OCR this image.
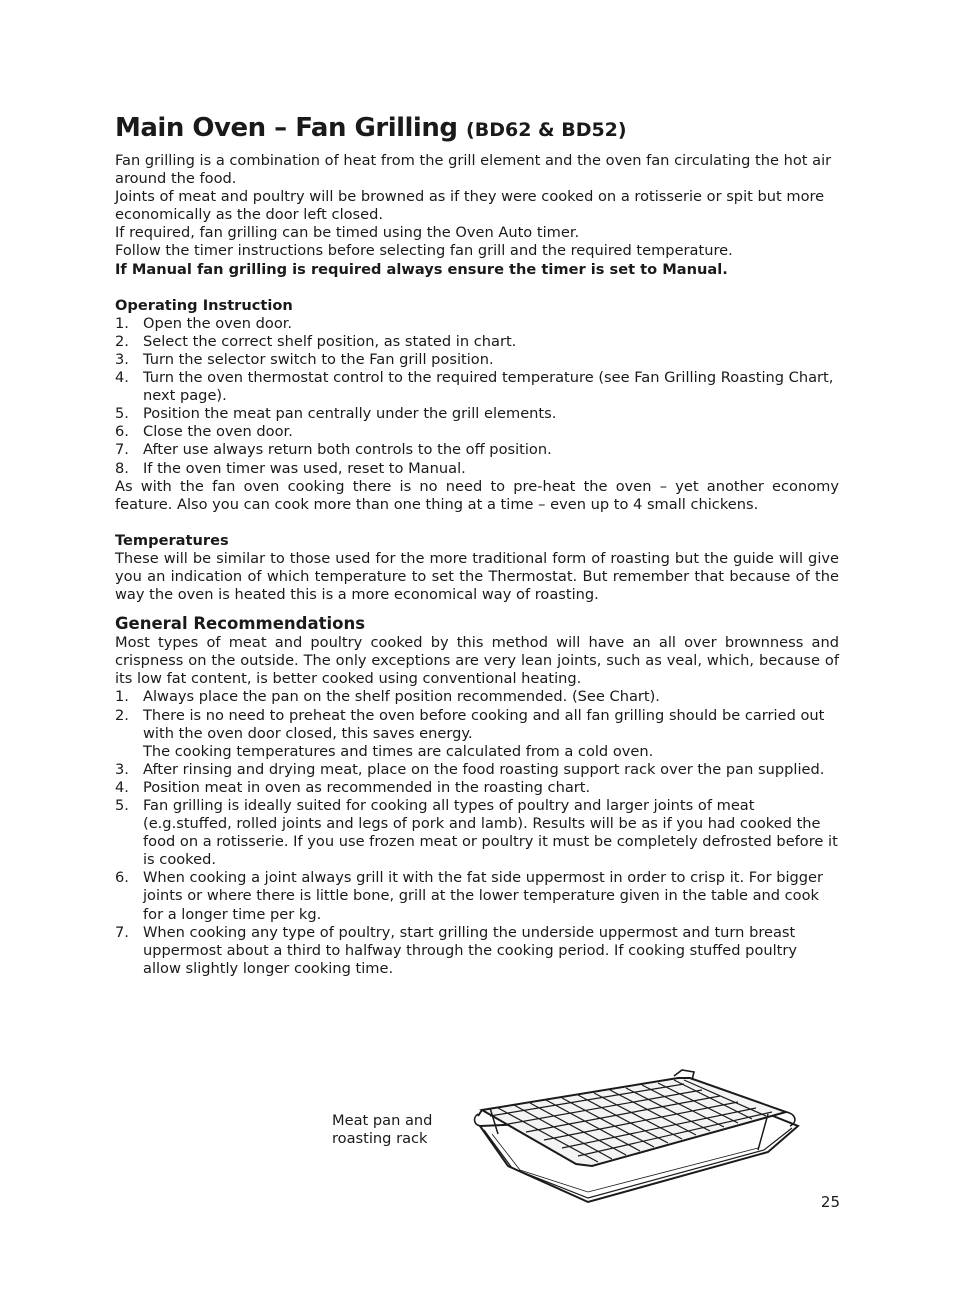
Main Oven – Fan Grilling (BD62 & BD52)

Fan grilling is a combination of heat from the grill element and the oven fan circulating the hot air around the food.

Joints of meat and poultry will be browned as if they were cooked on a rotisserie or spit but more economically as the door left closed.

If required, fan grilling can be timed using the Oven Auto timer.

Follow the timer instructions before selecting fan grill and the required temperature.

If Manual fan grilling is required always ensure the timer is set to Manual.

Operating Instruction
1. Open the oven door.
2. Select the correct shelf position, as stated in chart.
3. Turn the selector switch to the Fan grill position.
4. Turn the oven thermostat control to the required temperature (see Fan Grilling Roasting Chart, next page).
5. Position the meat pan centrally under the grill elements.
6. Close the oven door.
7. After use always return both controls to the off position.
8. If the oven timer was used, reset to Manual.

As with the fan oven cooking there is no need to pre-heat the oven – yet another economy feature. Also you can cook more than one thing at a time – even up to 4 small chickens.

Temperatures

These will be similar to those used for the more traditional form of roasting but the guide will give you an indication of which temperature to set the Thermostat. But remember that because of the way the oven is heated this is a more economical way of roasting.

General Recommendations

Most types of meat and poultry cooked by this method will have an all over brownness and crispness on the outside. The only exceptions are very lean joints, such as veal, which, because of its low fat content, is better cooked using conventional heating.

1. Always place the pan on the shelf position recommended. (See Chart).
2. There is no need to preheat the oven before cooking and all fan grilling should be carried out with the oven door closed, this saves energy.
The cooking temperatures and times are calculated from a cold oven.
3. After rinsing and drying meat, place on the food roasting support rack over the pan supplied.
4. Position meat in oven as recommended in the roasting chart.
5. Fan grilling is ideally suited for cooking all types of poultry and larger joints of meat (e.g.stuffed, rolled joints and legs of pork and lamb). Results will be as if you had cooked the food on a rotisserie. If you use frozen meat or poultry it must be completely defrosted before it is cooked.
6. When cooking a joint always grill it with the fat side uppermost in order to crisp it. For bigger joints or where there is little bone, grill at the lower temperature given in the table and cook for a longer time per kg.
7. When cooking any type of poultry, start grilling the underside uppermost and turn breast uppermost about a third to halfway through the cooking period. If cooking stuffed poultry allow slightly longer cooking time.
Meat pan and
roasting rack
25
